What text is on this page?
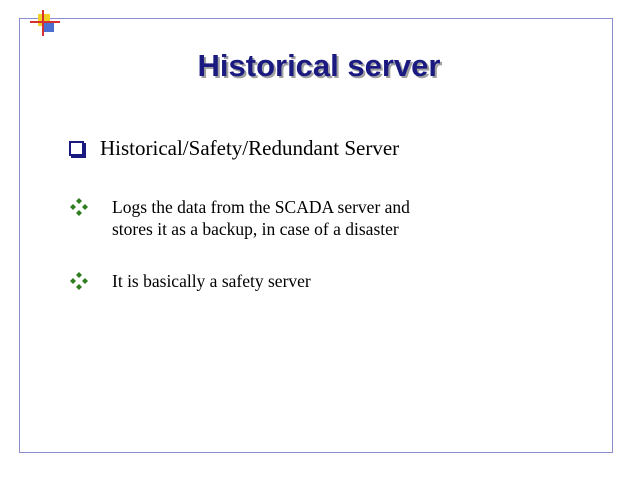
Historical server
Historical/Safety/Redundant Server
Logs the data from the SCADA server and
stores it as a backup, in case of a disaster
It is basically a safety server
